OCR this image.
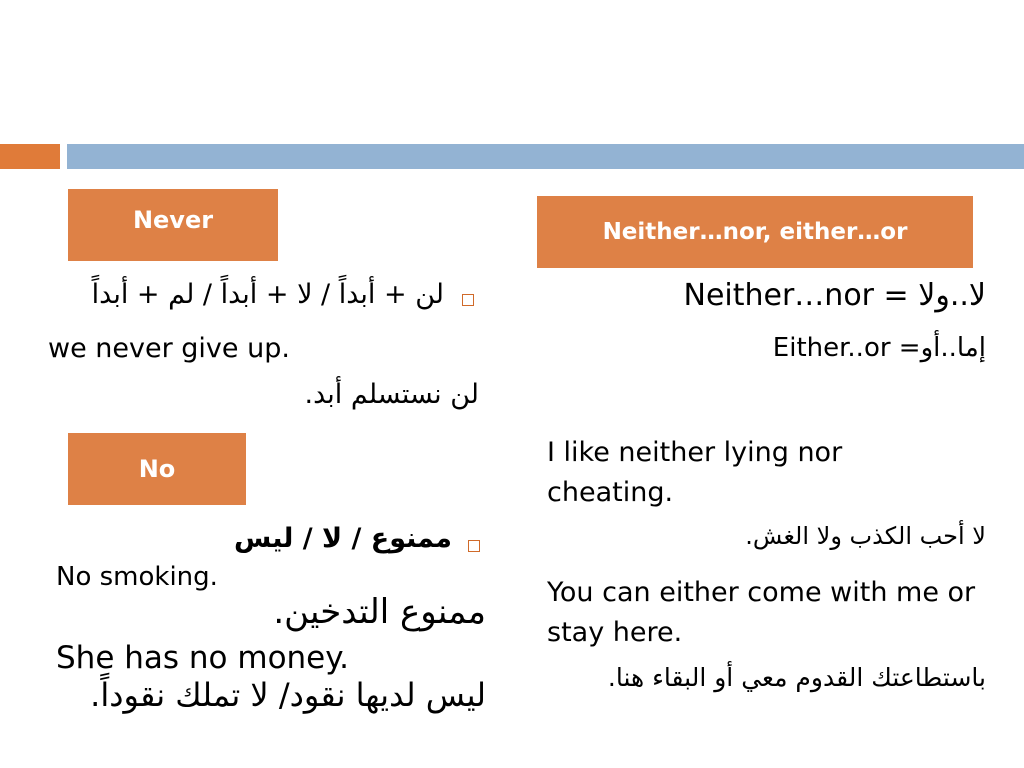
Never	Neither…nor, either…or
No
لن + أبداً / لا + أبداً / لم + أبداً
we never give up.
لن نستسلم أبد.
ممنوع / لا / ليس
No smoking.
ممنوع التدخين.
She has no money.
ليس لديها نقود/ لا تملك نقوداً.
Neither…nor = لا..ولا
Either..or =إما..أو
I like neither lying nor cheating.
لا أحب الكذب ولا الغش.
You can either come with me or stay here.
باستطاعتك القدوم معي أو البقاء هنا.
